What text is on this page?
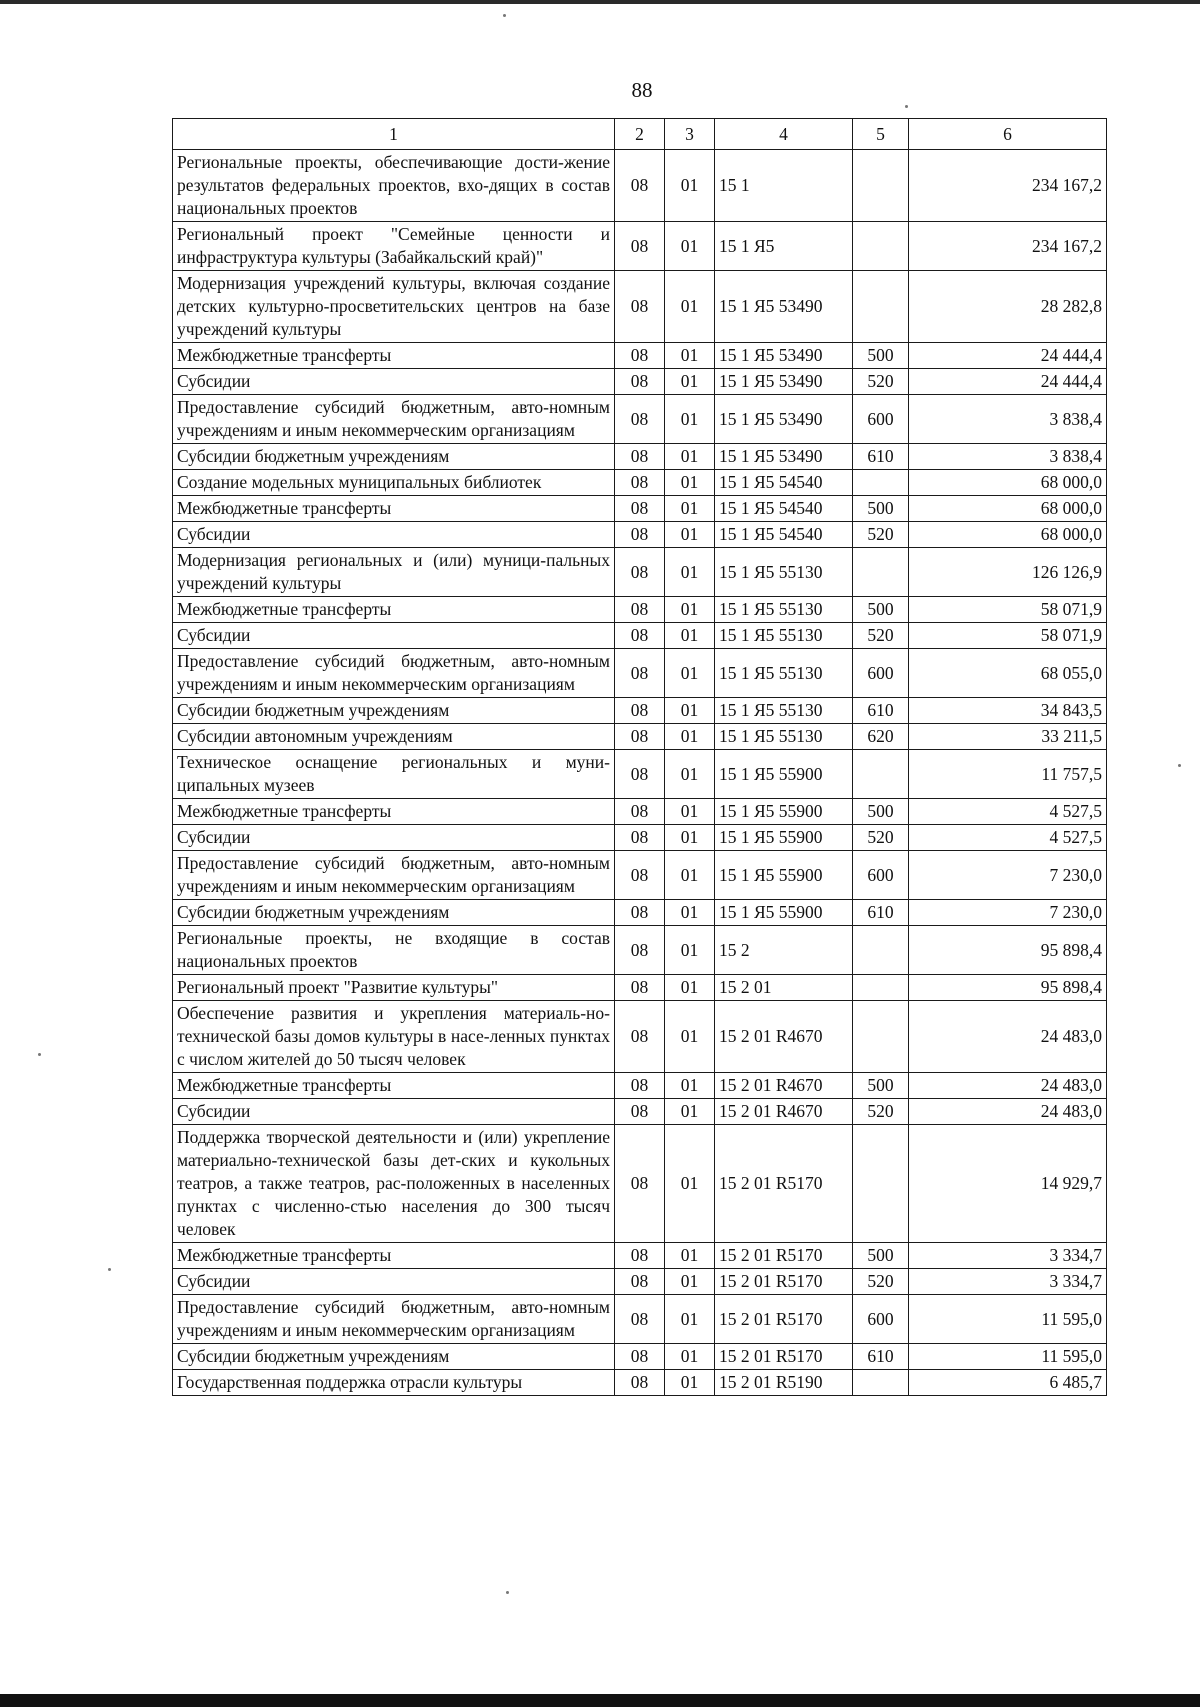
88
1	2	3	4	5	6
Региональные проекты, обеспечивающие дости-жение результатов федеральных проектов, вхо-дящих в состав национальных проектов	08	01	15 1		234 167,2
Региональный проект "Семейные ценности и инфраструктура культуры (Забайкальский край)"	08	01	15 1 Я5		234 167,2
Модернизация учреждений культуры, включая создание детских культурно-просветительских центров на базе учреждений культуры	08	01	15 1 Я5 53490		28 282,8
Межбюджетные трансферты	08	01	15 1 Я5 53490	500	24 444,4
Субсидии	08	01	15 1 Я5 53490	520	24 444,4
Предоставление субсидий бюджетным, авто-номным учреждениям и иным некоммерческим организациям	08	01	15 1 Я5 53490	600	3 838,4
Субсидии бюджетным учреждениям	08	01	15 1 Я5 53490	610	3 838,4
Создание модельных муниципальных библиотек	08	01	15 1 Я5 54540		68 000,0
Межбюджетные трансферты	08	01	15 1 Я5 54540	500	68 000,0
Субсидии	08	01	15 1 Я5 54540	520	68 000,0
Модернизация региональных и (или) муници-пальных учреждений культуры	08	01	15 1 Я5 55130		126 126,9
Межбюджетные трансферты	08	01	15 1 Я5 55130	500	58 071,9
Субсидии	08	01	15 1 Я5 55130	520	58 071,9
Предоставление субсидий бюджетным, авто-номным учреждениям и иным некоммерческим организациям	08	01	15 1 Я5 55130	600	68 055,0
Субсидии бюджетным учреждениям	08	01	15 1 Я5 55130	610	34 843,5
Субсидии автономным учреждениям	08	01	15 1 Я5 55130	620	33 211,5
Техническое оснащение региональных и муни-ципальных музеев	08	01	15 1 Я5 55900		11 757,5
Межбюджетные трансферты	08	01	15 1 Я5 55900	500	4 527,5
Субсидии	08	01	15 1 Я5 55900	520	4 527,5
Предоставление субсидий бюджетным, авто-номным учреждениям и иным некоммерческим организациям	08	01	15 1 Я5 55900	600	7 230,0
Субсидии бюджетным учреждениям	08	01	15 1 Я5 55900	610	7 230,0
Региональные проекты, не входящие в состав национальных проектов	08	01	15 2		95 898,4
Региональный проект "Развитие культуры"	08	01	15 2 01		95 898,4
Обеспечение развития и укрепления материаль-но-технической базы домов культуры в насе-ленных пунктах с числом жителей до 50 тысяч человек	08	01	15 2 01 R4670		24 483,0
Межбюджетные трансферты	08	01	15 2 01 R4670	500	24 483,0
Субсидии	08	01	15 2 01 R4670	520	24 483,0
Поддержка творческой деятельности и (или) укрепление материально-технической базы дет-ских и кукольных театров, а также театров, рас-положенных в населенных пунктах с численно-стью населения до 300 тысяч человек	08	01	15 2 01 R5170		14 929,7
Межбюджетные трансферты	08	01	15 2 01 R5170	500	3 334,7
Субсидии	08	01	15 2 01 R5170	520	3 334,7
Предоставление субсидий бюджетным, авто-номным учреждениям и иным некоммерческим организациям	08	01	15 2 01 R5170	600	11 595,0
Субсидии бюджетным учреждениям	08	01	15 2 01 R5170	610	11 595,0
Государственная поддержка отрасли культуры	08	01	15 2 01 R5190		6 485,7
